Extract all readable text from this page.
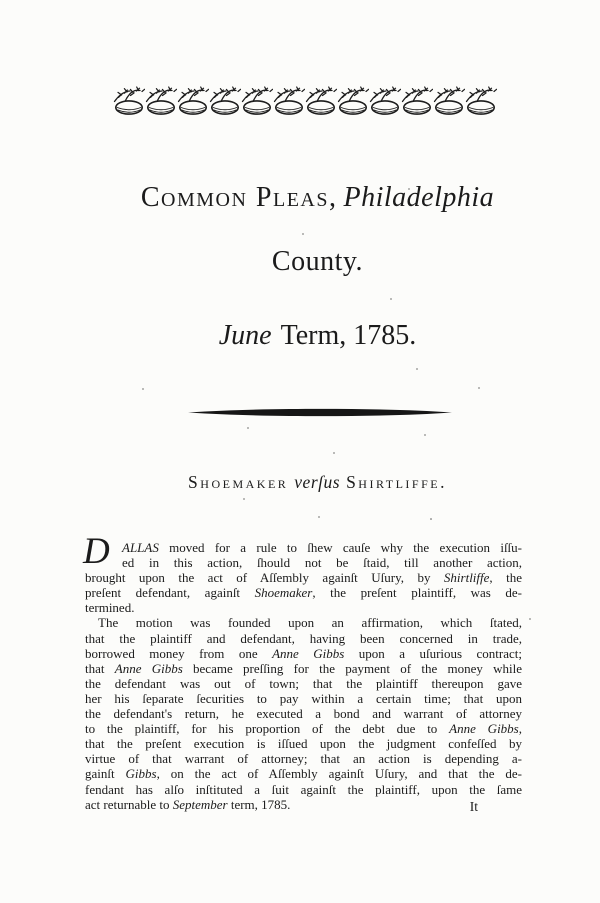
Common Pleas, Philadelphia
County.
June Term, 1785.
Shoemaker verſus Shirtliffe.
D ALLAS moved for a rule to ſhew cauſe why the execution iſſu-
ed in this action, ſhould not be ſtaid, till another action,
brought upon the act of Aſſembly againſt Uſury, by Shirtliffe, the
preſent defendant, againſt Shoemaker, the preſent plaintiff, was de-
termined.
The motion was founded upon an affirmation, which ſtated,
that the plaintiff and defendant, having been concerned in trade,
borrowed money from one Anne Gibbs upon a uſurious contract;
that Anne Gibbs became preſſing for the payment of the money while
the defendant was out of town; that the plaintiff thereupon gave
her his ſeparate ſecurities to pay within a certain time; that upon
the defendant's return, he executed a bond and warrant of attorney
to the plaintiff, for his proportion of the debt due to Anne Gibbs,
that the preſent execution is iſſued upon the judgment confeſſed by
virtue of that warrant of attorney; that an action is depending a-
gainſt Gibbs, on the act of Aſſembly againſt Uſury, and that the de-
fendant has alſo inſtituted a ſuit againſt the plaintiff, upon the ſame
act returnable to September term, 1785.	It
